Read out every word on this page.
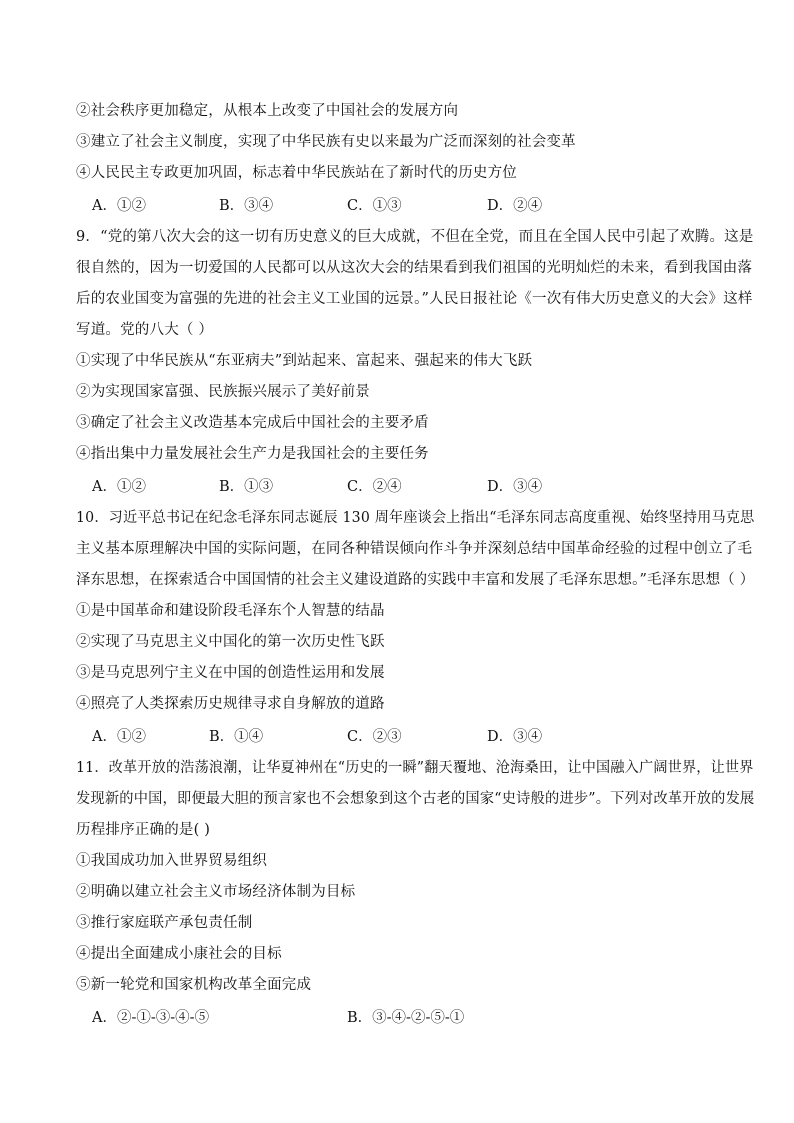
②社会秩序更加稳定，从根本上改变了中国社会的发展方向
③建立了社会主义制度，实现了中华民族有史以来最为广泛而深刻的社会变革
④人民民主专政更加巩固，标志着中华民族站在了新时代的历史方位
A．①②	B．③④	C．①③	D．②④
9．“党的第八次大会的这一切有历史意义的巨大成就，不但在全党，而且在全国人民中引起了欢腾。这是
很自然的，因为一切爱国的人民都可以从这次大会的结果看到我们祖国的光明灿烂的未来，看到我国由落
后的农业国变为富强的先进的社会主义工业国的远景。”人民日报社论《一次有伟大历史意义的大会》这样
写道。党的八大（ ）
①实现了中华民族从“东亚病夫”到站起来、富起来、强起来的伟大飞跃
②为实现国家富强、民族振兴展示了美好前景
③确定了社会主义改造基本完成后中国社会的主要矛盾
④指出集中力量发展社会生产力是我国社会的主要任务
A．①②	B．①③	C．②④	D．③④
10．习近平总书记在纪念毛泽东同志诞辰 130 周年座谈会上指出“毛泽东同志高度重视、始终坚持用马克思
主义基本原理解决中国的实际问题，在同各种错误倾向作斗争并深刻总结中国革命经验的过程中创立了毛
泽东思想，在探索适合中国国情的社会主义建设道路的实践中丰富和发展了毛泽东思想。”毛泽东思想（ ）
①是中国革命和建设阶段毛泽东个人智慧的结晶
②实现了马克思主义中国化的第一次历史性飞跃
③是马克思列宁主义在中国的创造性运用和发展
④照亮了人类探索历史规律寻求自身解放的道路
A．①②	B．①④	C．②③	D．③④
11．改革开放的浩荡浪潮，让华夏神州在“历史的一瞬”翻天覆地、沧海桑田，让中国融入广阔世界，让世界
发现新的中国，即便最大胆的预言家也不会想象到这个古老的国家“史诗般的进步”。下列对改革开放的发展
历程排序正确的是( )
①我国成功加入世界贸易组织
②明确以建立社会主义市场经济体制为目标
③推行家庭联产承包责任制
④提出全面建成小康社会的目标
⑤新一轮党和国家机构改革全面完成
A．②-①-③-④-⑤	B．③-④-②-⑤-①
